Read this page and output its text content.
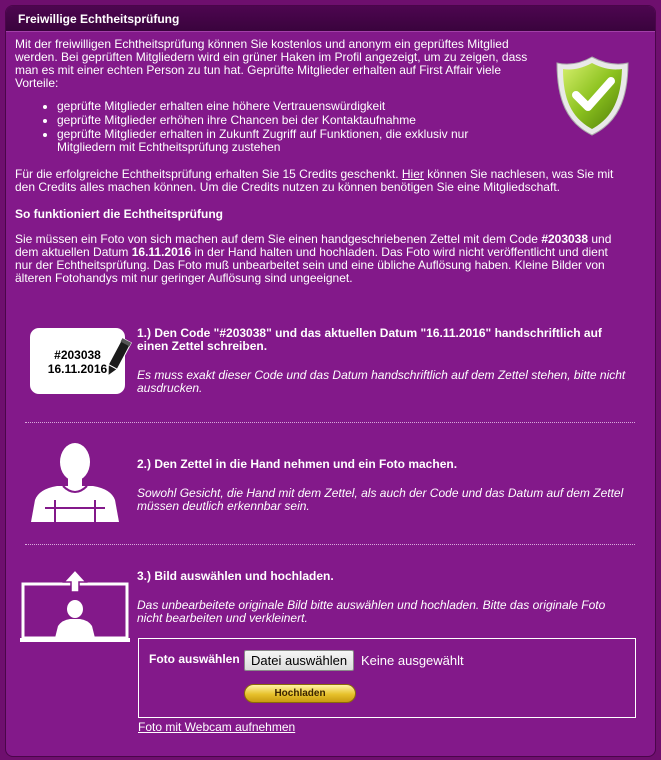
Freiwillige Echtheitsprüfung

Mit der freiwilligen Echtheitsprüfung können Sie kostenlos und anonym ein geprüftes Mitglied werden. Bei geprüften Mitgliedern wird ein grüner Haken im Profil angezeigt, um zu zeigen, dass man es mit einer echten Person zu tun hat. Geprüfte Mitglieder erhalten auf First Affair viele Vorteile:

• geprüfte Mitglieder erhalten eine höhere Vertrauenswürdigkeit
• geprüfte Mitglieder erhöhen ihre Chancen bei der Kontaktaufnahme
• geprüfte Mitglieder erhalten in Zukunft Zugriff auf Funktionen, die exklusiv nur Mitgliedern mit Echtheitsprüfung zustehen

Für die erfolgreiche Echtheitsprüfung erhalten Sie 15 Credits geschenkt. Hier können Sie nachlesen, was Sie mit den Credits alles machen können. Um die Credits nutzen zu können benötigen Sie eine Mitgliedschaft.

So funktioniert die Echtheitsprüfung

Sie müssen ein Foto von sich machen auf dem Sie einen handgeschriebenen Zettel mit dem Code #203038 und dem aktuellen Datum 16.11.2016 in der Hand halten und hochladen. Das Foto wird nicht veröffentlicht und dient nur der Echtheitsprüfung. Das Foto muß unbearbeitet sein und eine übliche Auflösung haben. Kleine Bilder von älteren Fotohandys mit nur geringer Auflösung sind ungeeignet.

#203038
16.11.2016
1.) Den Code "#203038" und das aktuellen Datum "16.11.2016" handschriftlich auf einen Zettel schreiben.
Es muss exakt dieser Code und das Datum handschriftlich auf dem Zettel stehen, bitte nicht ausdrucken.
2.) Den Zettel in die Hand nehmen und ein Foto machen.
Sowohl Gesicht, die Hand mit dem Zettel, als auch der Code und das Datum auf dem Zettel müssen deutlich erkennbar sein.
3.) Bild auswählen und hochladen.
Das unbearbeitete originale Bild bitte auswählen und hochladen. Bitte das originale Foto nicht bearbeiten und verkleinert.
Foto auswählen Datei auswählen	Keine ausgewählt
Hochladen
Foto mit Webcam aufnehmen
